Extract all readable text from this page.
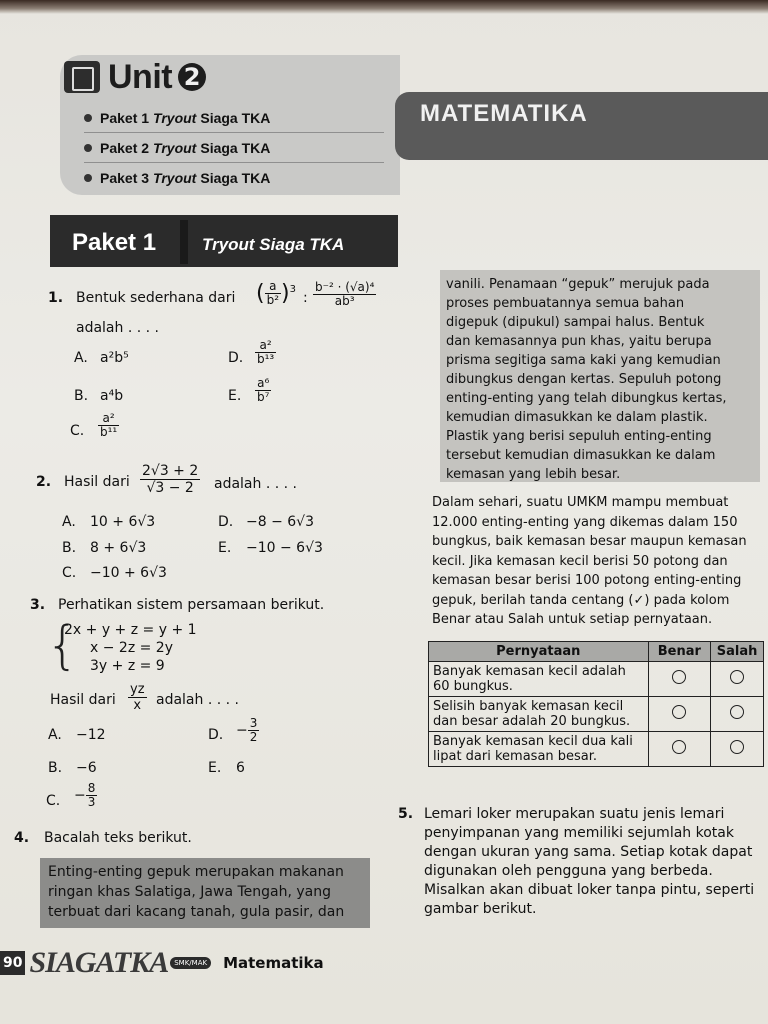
Unit 2
Paket 1 Tryout Siaga TKA
Paket 2 Tryout Siaga TKA
Paket 3 Tryout Siaga TKA
MATEMATIKA
Paket 1	Tryout Siaga TKA
1. Bentuk sederhana dari ( $\frac{a}{\text{b²}} )^3$
: $\frac{\text{b⁻² · (√a)⁴}}{\text{ab³}}$
adalah . . . .
A. a²b⁵
B. a⁴b
C. $\frac{\text{a²}}{\text{b¹¹}}$
D. $\frac{\text{a²}}{\text{b¹³}}$
E. $\frac{\text{a⁶}}{\text{b⁷}}$
2. Hasil dari $\frac{2√3 + 2}{√3 - 2}$ adalah . . . .
A. 10 + 6√3
B. 8 + 6√3
C. −10 + 6√3
D. −8 − 6√3
E. −10 − 6√3
3. Perhatikan sistem persamaan berikut.
{
2x + y + z = y + 1
x − 2z = 2y
3y + z = 9
Hasil dari $\frac{yz}{x}$ adalah . . . .
A. −12
B. −6
C. − $\frac{8}{3}$
D. − $\frac{3}{2}$
E. 6
4. Bacalah teks berikut.
Enting-enting gepuk merupakan makanan
ringan khas Salatiga, Jawa Tengah, yang
terbuat dari kacang tanah, gula pasir, dan
vanili. Penamaan “gepuk” merujuk pada
proses pembuatannya semua bahan
digepuk (dipukul) sampai halus. Bentuk
dan kemasannya pun khas, yaitu berupa
prisma segitiga sama kaki yang kemudian
dibungkus dengan kertas. Sepuluh potong
enting-enting yang telah dibungkus kertas,
kemudian dimasukkan ke dalam plastik.
Plastik yang berisi sepuluh enting-enting
tersebut kemudian dimasukkan ke dalam
kemasan yang lebih besar.
Dalam sehari, suatu UMKM mampu membuat
12.000 enting-enting yang dikemas dalam 150
bungkus, baik kemasan besar maupun kemasan
kecil. Jika kemasan kecil berisi 50 potong dan
kemasan besar berisi 100 potong enting-enting
gepuk, berilah tanda centang (✓) pada kolom
Benar atau Salah untuk setiap pernyataan.
Pernyataan	Benar	Salah
Banyak kemasan kecil adalah
60 bungkus.		
Selisih banyak kemasan kecil
dan besar adalah 20 bungkus.		
Banyak kemasan kecil dua kali
lipat dari kemasan besar.		
5. Lemari loker merupakan suatu jenis lemari
penyimpanan yang memiliki sejumlah kotak
dengan ukuran yang sama. Setiap kotak dapat
digunakan oleh pengguna yang berbeda.
Misalkan akan dibuat loker tanpa pintu, seperti
gambar berikut.
90 SIAGATKA SMK/MAK Matematika
